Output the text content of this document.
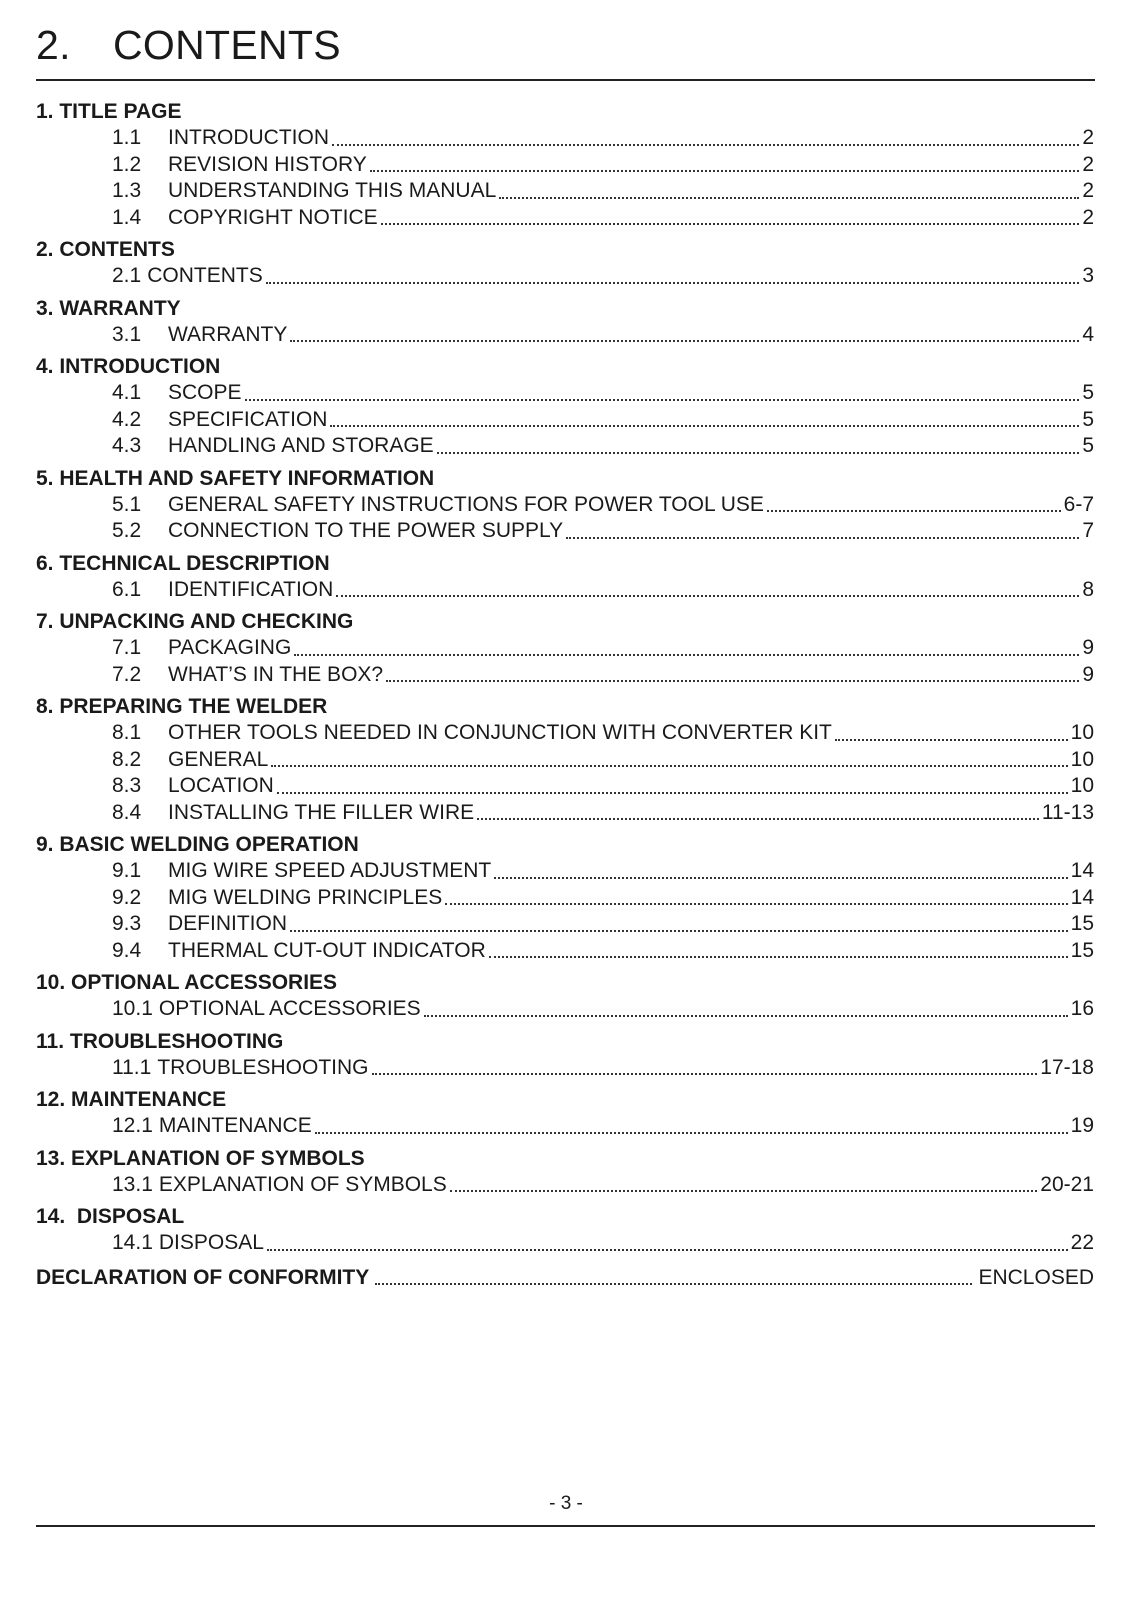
2. CONTENTS
1. TITLE PAGE
1.1	INTRODUCTION	2
1.2	REVISION HISTORY	2
1.3	UNDERSTANDING THIS MANUAL	2
1.4	COPYRIGHT NOTICE	2
2. CONTENTS
2.1 CONTENTS	3
3. WARRANTY
3.1	WARRANTY	4
4. INTRODUCTION
4.1	SCOPE	5
4.2	SPECIFICATION	5
4.3	HANDLING AND STORAGE	5
5. HEALTH AND SAFETY INFORMATION
5.1	GENERAL SAFETY INSTRUCTIONS FOR POWER TOOL USE	6-7
5.2	CONNECTION TO THE POWER SUPPLY	7
6. TECHNICAL DESCRIPTION
6.1	IDENTIFICATION	8
7. UNPACKING AND CHECKING
7.1	PACKAGING	9
7.2	WHAT’S IN THE BOX?	9
8. PREPARING THE WELDER
8.1	OTHER TOOLS NEEDED IN CONJUNCTION WITH CONVERTER KIT	10
8.2	GENERAL	10
8.3	LOCATION	10
8.4	INSTALLING THE FILLER WIRE	11-13
9. BASIC WELDING OPERATION
9.1	MIG WIRE SPEED ADJUSTMENT	14
9.2	MIG WELDING PRINCIPLES	14
9.3	DEFINITION	15
9.4	THERMAL CUT-OUT INDICATOR	15
10. OPTIONAL ACCESSORIES
10.1 OPTIONAL ACCESSORIES	16
11. TROUBLESHOOTING
11.1 TROUBLESHOOTING	17-18
12. MAINTENANCE
12.1 MAINTENANCE	19
13. EXPLANATION OF SYMBOLS
13.1 EXPLANATION OF SYMBOLS	20-21
14.  DISPOSAL
14.1 DISPOSAL	22
DECLARATION OF CONFORMITY	ENCLOSED
- 3 -
